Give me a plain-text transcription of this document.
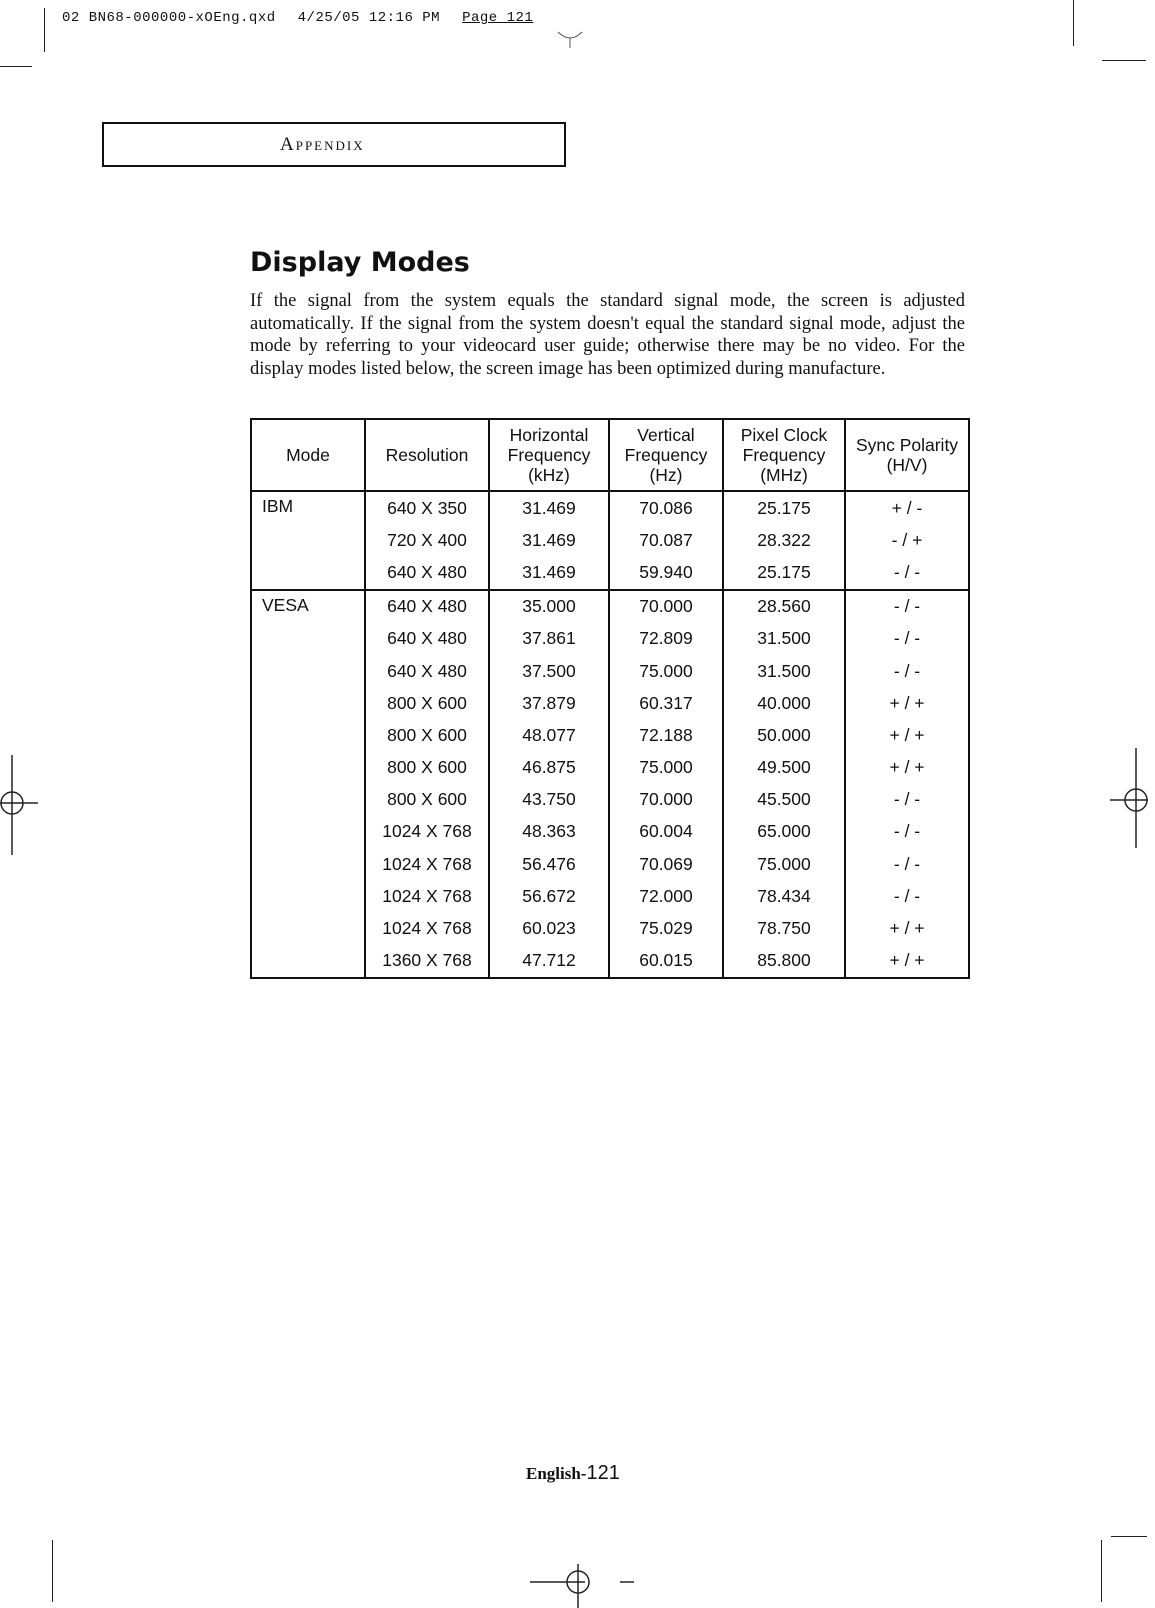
02 BN68-000000-xOEng.qxd 4/25/05 12:16 PM Page 121
Appendix
Display Modes
If the signal from the system equals the standard signal mode, the screen is adjusted automatically. If the signal from the system doesn't equal the standard signal mode, adjust the mode by referring to your videocard user guide; otherwise there may be no video. For the display modes listed below, the screen image has been optimized during manufacture.
Mode	Resolution	Horizontal Frequency (kHz)	Vertical Frequency (Hz)	Pixel Clock Frequency (MHz)	Sync Polarity (H/V)
IBM	640 X 350	31.469	70.086	25.175	+ / -
	720 X 400	31.469	70.087	28.322	- / +
	640 X 480	31.469	59.940	25.175	- / -
VESA	640 X 480	35.000	70.000	28.560	- / -
	640 X 480	37.861	72.809	31.500	- / -
	640 X 480	37.500	75.000	31.500	- / -
	800 X 600	37.879	60.317	40.000	+ / +
	800 X 600	48.077	72.188	50.000	+ / +
	800 X 600	46.875	75.000	49.500	+ / +
	800 X 600	43.750	70.000	45.500	- / -
	1024 X 768	48.363	60.004	65.000	- / -
	1024 X 768	56.476	70.069	75.000	- / -
	1024 X 768	56.672	72.000	78.434	- / -
	1024 X 768	60.023	75.029	78.750	+ / +
	1360 X 768	47.712	60.015	85.800	+ / +
English-121
